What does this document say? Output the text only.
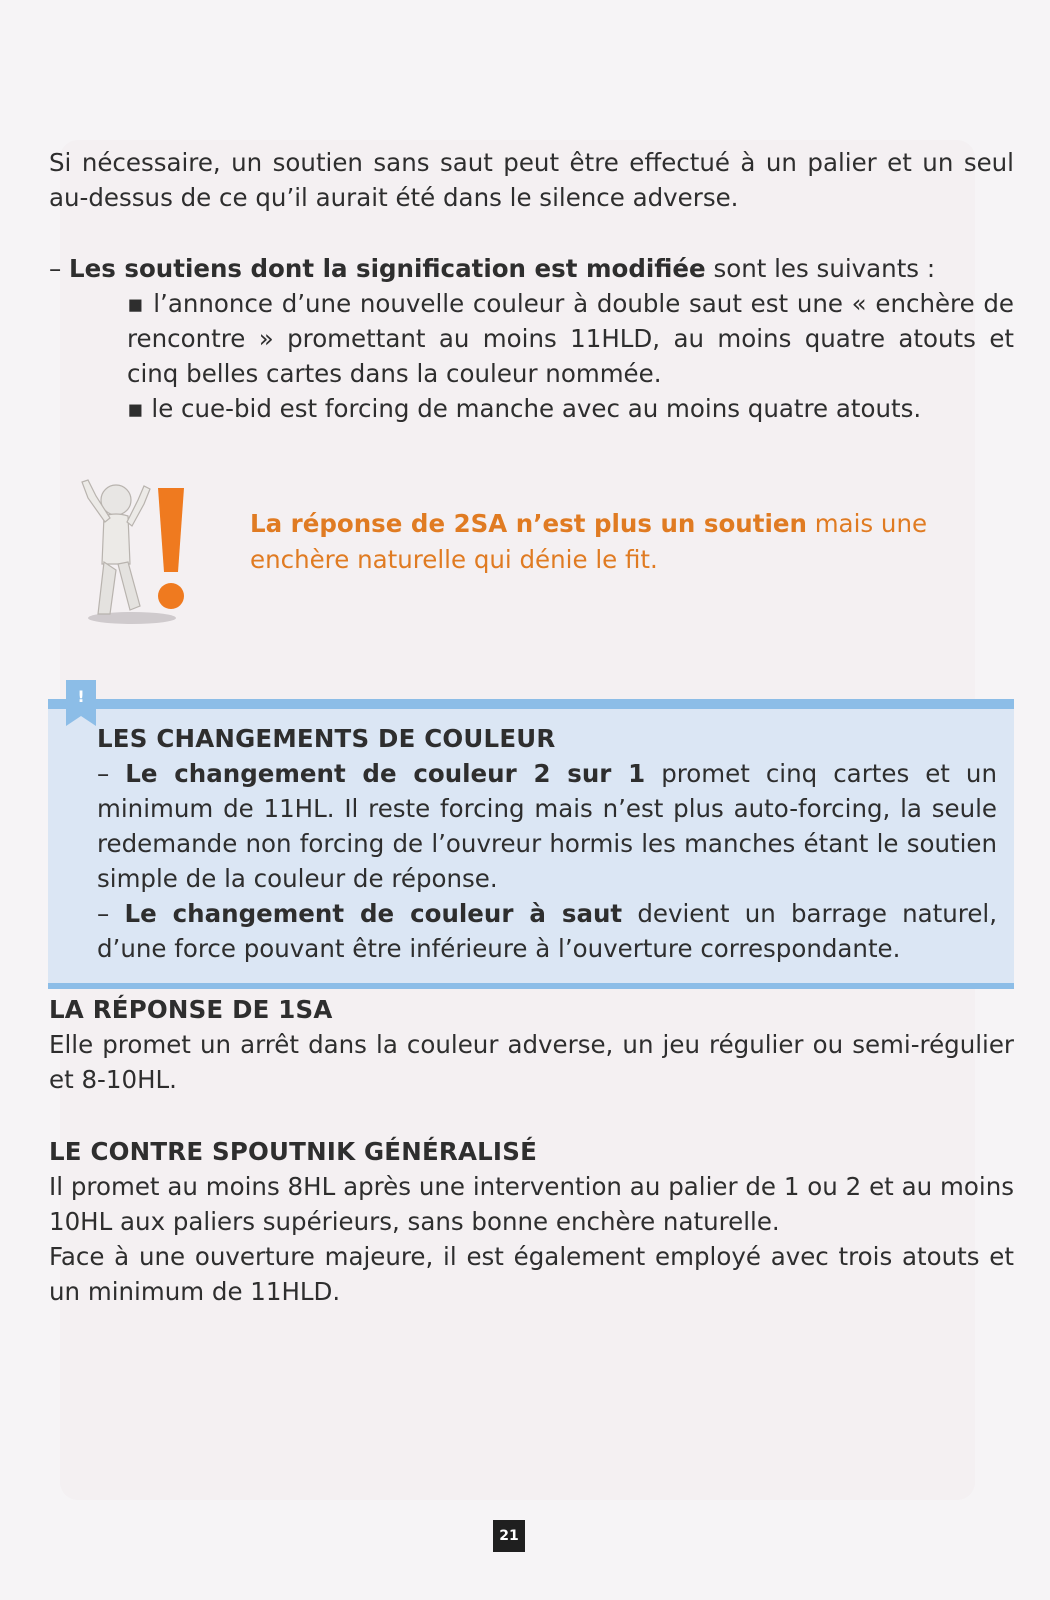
Si nécessaire, un soutien sans saut peut être effectué à un palier et un seul au-dessus de ce qu’il aurait été dans le silence adverse.

– Les soutiens dont la signification est modifiée sont les suivants :

▪ l’annonce d’une nouvelle couleur à double saut est une « enchère de rencontre » promettant au moins 11HLD, au moins quatre atouts et cinq belles cartes dans la couleur nommée.
▪ le cue-bid est forcing de manche avec au moins quatre atouts.
La réponse de 2SA n’est plus un soutien mais une enchère naturelle qui dénie le fit.
!
LES CHANGEMENTS DE COULEUR

– Le changement de couleur 2 sur 1 promet cinq cartes et un minimum de 11HL. Il reste forcing mais n’est plus auto-forcing, la seule redemande non forcing de l’ouvreur hormis les manches étant le soutien simple de la couleur de réponse.

– Le changement de couleur à saut devient un barrage naturel, d’une force pouvant être inférieure à l’ouverture correspondante.

LA RÉPONSE DE 1SA
Elle promet un arrêt dans la couleur adverse, un jeu régulier ou semi-régulier et 8-10HL.
LE CONTRE SPOUTNIK GÉNÉRALISÉ
Il promet au moins 8HL après une intervention au palier de 1 ou 2 et au moins 10HL aux paliers supérieurs, sans bonne enchère naturelle.
Face à une ouverture majeure, il est également employé avec trois atouts et un minimum de 11HLD.
21
